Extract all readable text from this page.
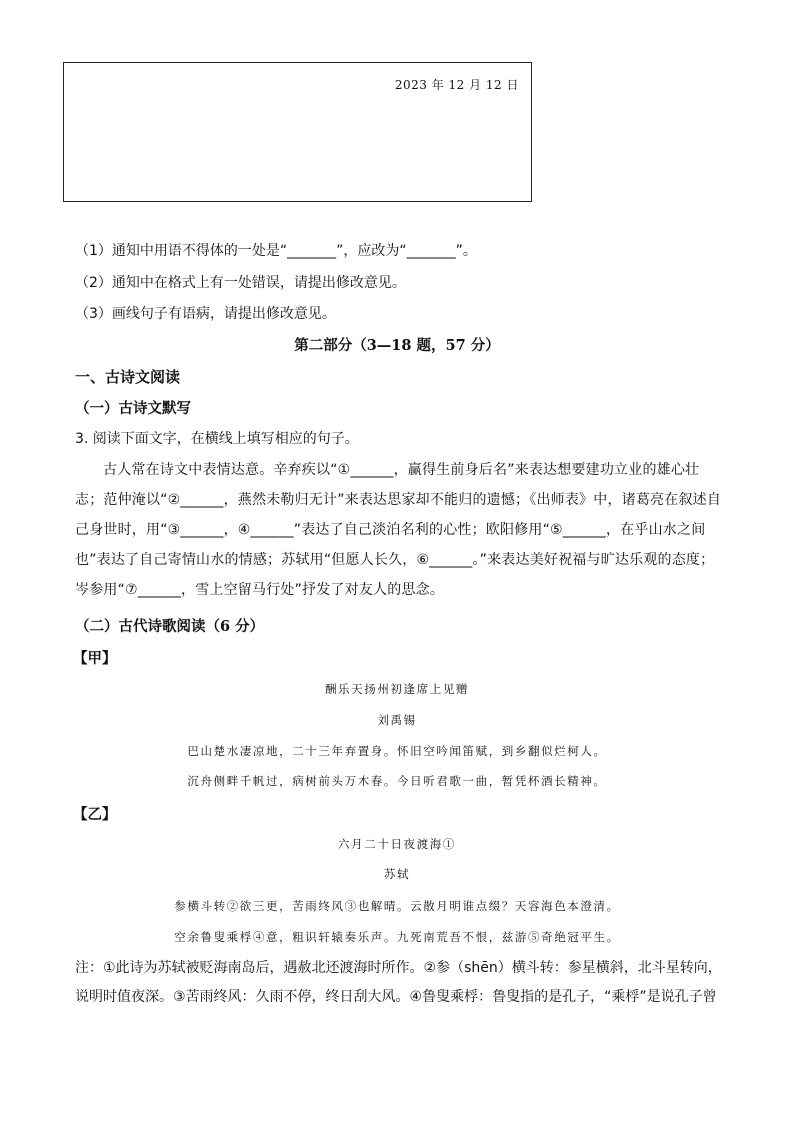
2023 年 12 月 12 日
（1）通知中用语不得体的一处是“_______”，应改为“_______”。
（2）通知中在格式上有一处错误，请提出修改意见。
（3）画线句子有语病，请提出修改意见。
第二部分（3—18 题，57 分）
一、古诗文阅读
（一）古诗文默写
3. 阅读下面文字，在横线上填写相应的句子。
古人常在诗文中表情达意。辛弃疾以“①______，赢得生前身后名”来表达想要建功立业的雄心壮志；范仲淹以“②______，燕然未勒归无计”来表达思家却不能归的遗憾；《出师表》中，诸葛亮在叙述自己身世时，用“③______，④______”表达了自己淡泊名利的心性；欧阳修用“⑤______，在乎山水之间也”表达了自己寄情山水的情感；苏轼用“但愿人长久，⑥______。”来表达美好祝福与旷达乐观的态度；岑参用“⑦______，雪上空留马行处”抒发了对友人的思念。
（二）古代诗歌阅读（6 分）
【甲】
酬乐天扬州初逢席上见赠
刘禹锡
巴山楚水凄凉地，二十三年弃置身。怀旧空吟闻笛赋，到乡翻似烂柯人。
沉舟侧畔千帆过，病树前头万木春。今日听君歌一曲，暂凭杯酒长精神。
【乙】
六月二十日夜渡海①
苏轼
参横斗转②欲三更，苦雨终风③也解晴。云散月明谁点缀？天容海色本澄清。
空余鲁叟乘桴④意，粗识轩辕奏乐声。九死南荒吾不恨，兹游⑤奇绝冠平生。
注：①此诗为苏轼被贬海南岛后，遇赦北还渡海时所作。②参（shēn）横斗转：参星横斜，北斗星转向，说明时值夜深。③苦雨终风：久雨不停，终日刮大风。④鲁叟乘桴：鲁叟指的是孔子，“乘桴”是说孔子曾
